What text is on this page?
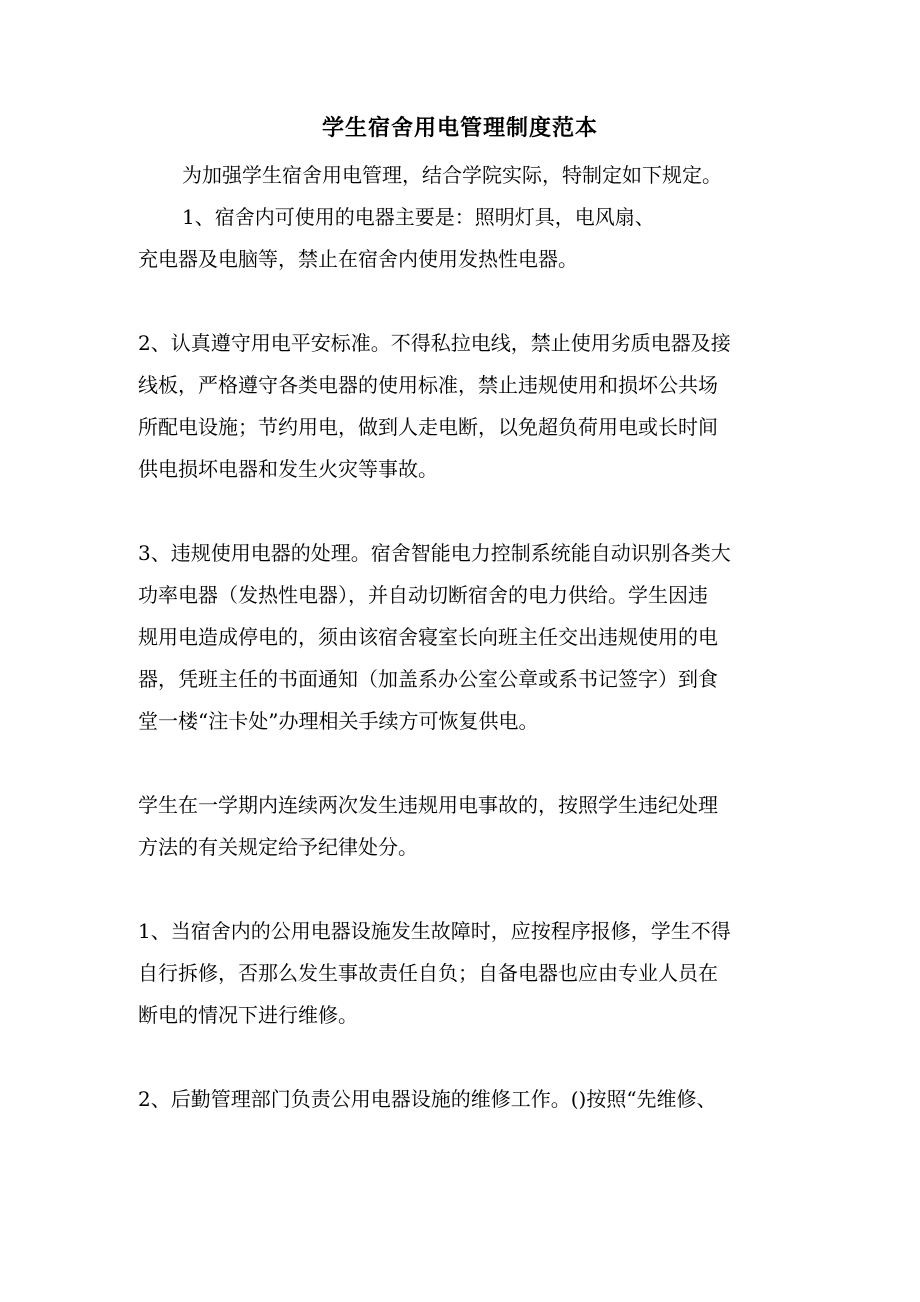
学生宿舍用电管理制度范本

为加强学生宿舍用电管理，结合学院实际，特制定如下规定。

1、宿舍内可使用的电器主要是：照明灯具，电风扇、
充电器及电脑等，禁止在宿舍内使用发热性电器。

2、认真遵守用电平安标准。不得私拉电线，禁止使用劣质电器及接
线板，严格遵守各类电器的使用标准，禁止违规使用和损坏公共场
所配电设施；节约用电，做到人走电断，以免超负荷用电或长时间
供电损坏电器和发生火灾等事故。

3、违规使用电器的处理。宿舍智能电力控制系统能自动识别各类大
功率电器（发热性电器），并自动切断宿舍的电力供给。学生因违
规用电造成停电的，须由该宿舍寝室长向班主任交出违规使用的电
器，凭班主任的书面通知（加盖系办公室公章或系书记签字）到食
堂一楼“注卡处”办理相关手续方可恢复供电。

学生在一学期内连续两次发生违规用电事故的，按照学生违纪处理
方法的有关规定给予纪律处分。

1、当宿舍内的公用电器设施发生故障时，应按程序报修，学生不得
自行拆修，否那么发生事故责任自负；自备电器也应由专业人员在
断电的情况下进行维修。

2、后勤管理部门负责公用电器设施的维修工作。()按照“先维修、
